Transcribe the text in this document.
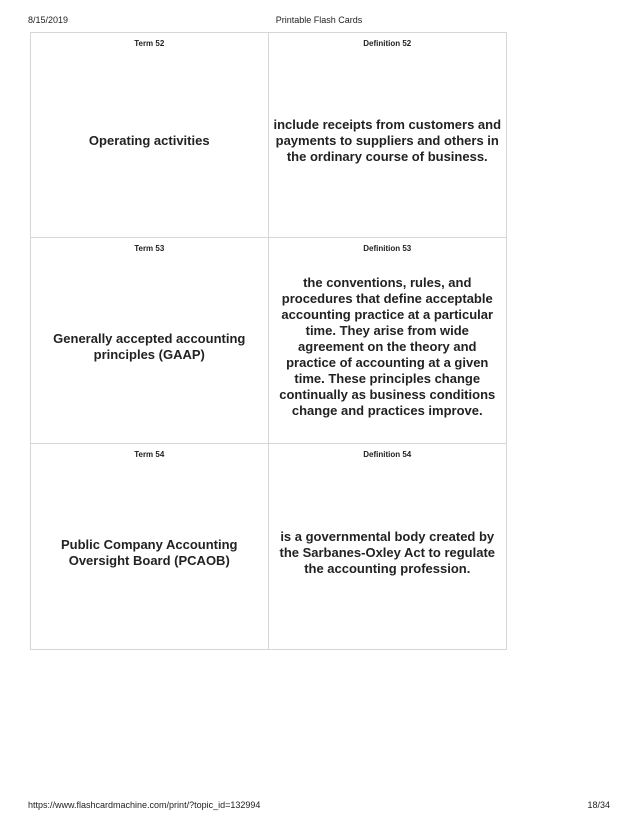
8/15/2019	Printable Flash Cards
Term 52
Operating activities
Definition 52
include receipts from customers and payments to suppliers and others in the ordinary course of business.
Term 53
Generally accepted accounting principles (GAAP)
Definition 53
the conventions, rules, and procedures that define acceptable accounting practice at a particular time. They arise from wide agreement on the theory and practice of accounting at a given time. These principles change continually as business conditions change and practices improve.
Term 54
Public Company Accounting Oversight Board (PCAOB)
Definition 54
is a governmental body created by the Sarbanes-Oxley Act to regulate the accounting profession.
https://www.flashcardmachine.com/print/?topic_id=132994	18/34
